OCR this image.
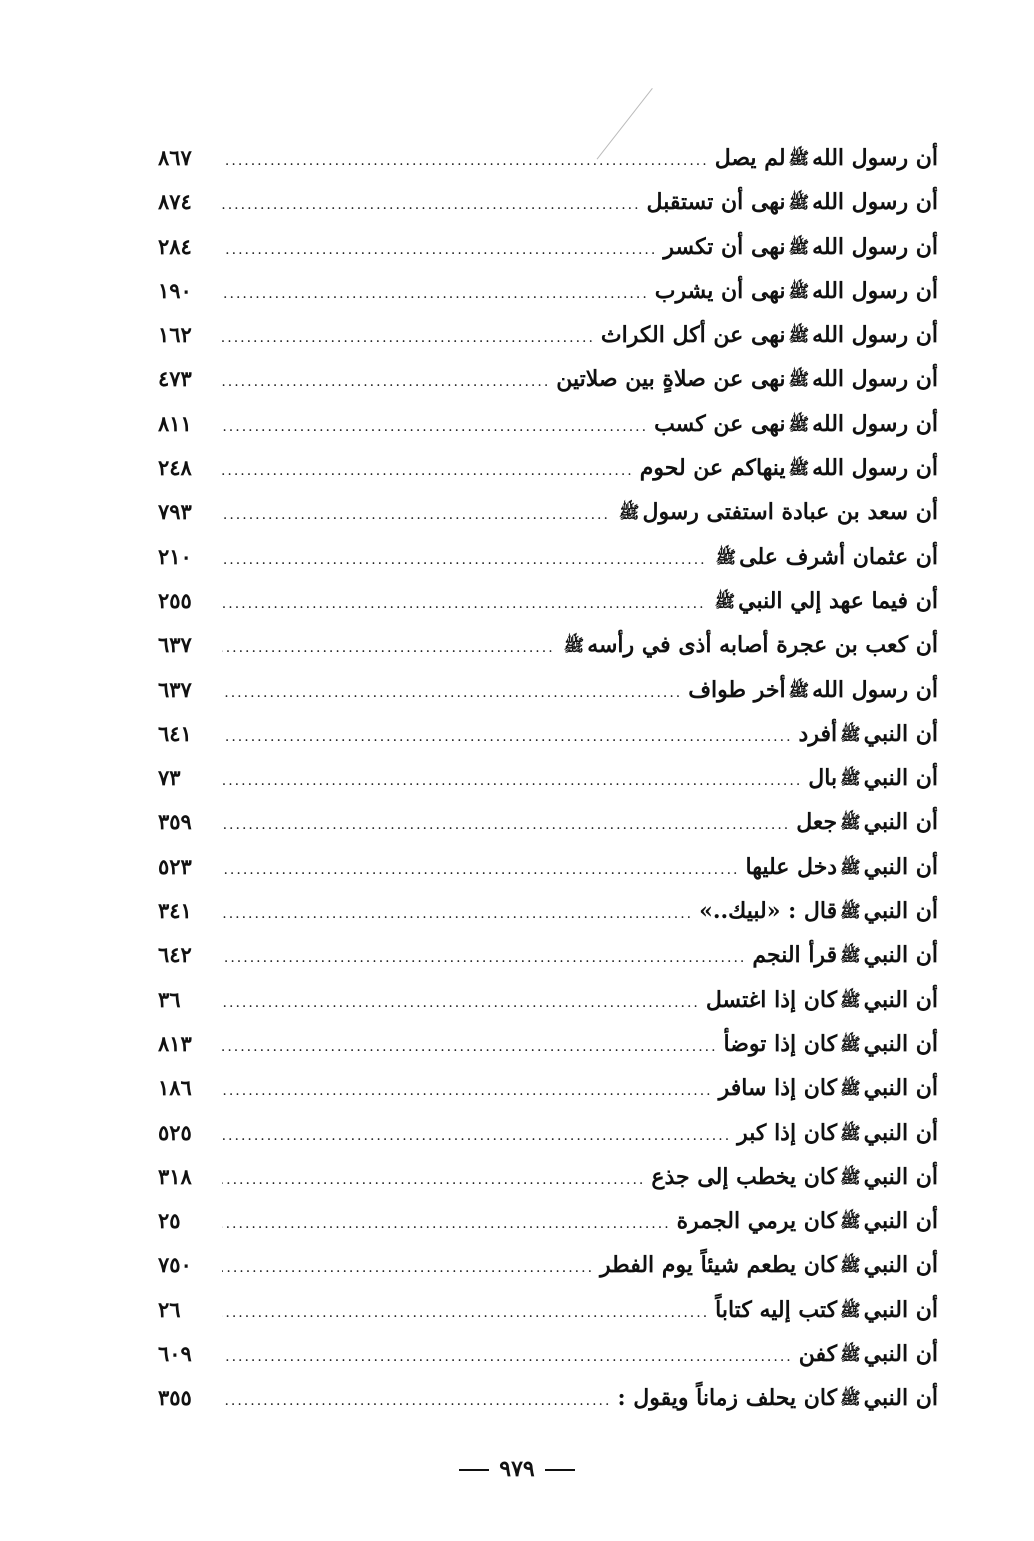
أن رسول اللهﷺلم يصل
.....
٨٦٧
أن رسول اللهﷺنهى أن تستقبل
.....
٨٧٤
أن رسول اللهﷺنهى أن تكسر
.....
٢٨٤
أن رسول اللهﷺنهى أن يشرب
.....
١٩٠
أن رسول اللهﷺنهى عن أكل الكراث
.....
١٦٢
أن رسول اللهﷺنهى عن صلاةٍ بين صلاتين
.....
٤٧٣
أن رسول اللهﷺنهى عن كسب
.....
٨١١
أن رسول اللهﷺينهاكم عن لحوم
.....
٢٤٨
أن سعد بن عبادة استفتى رسولﷺ
.....
٧٩٣
أن عثمان أشرف علىﷺ
.....
٢١٠
أن فيما عهد إلي النبيﷺ
.....
٢٥٥
أن كعب بن عجرة أصابه أذى في رأسهﷺ
.....
٦٣٧
أن رسول اللهﷺأخر طواف
.....
٦٣٧
أن النبيﷺأفرد
.....
٦٤١
أن النبيﷺبال
.....
٧٣
أن النبيﷺجعل
.....
٣٥٩
أن النبيﷺدخل عليها
.....
٥٢٣
أن النبيﷺقال : «لبيك..»
.....
٣٤١
أن النبيﷺقرأ النجم
.....
٦٤٢
أن النبيﷺكان إذا اغتسل
.....
٣٦
أن النبيﷺكان إذا توضأ
.....
٨١٣
أن النبيﷺكان إذا سافر
.....
١٨٦
أن النبيﷺكان إذا كبر
.....
٥٢٥
أن النبيﷺكان يخطب إلى جذع
.....
٣١٨
أن النبيﷺكان يرمي الجمرة
.....
٢٥
أن النبيﷺكان يطعم شيئاً يوم الفطر
.....
٧٥٠
أن النبيﷺكتب إليه كتاباً
.....
٢٦
أن النبيﷺكفن
.....
٦٠٩
أن النبيﷺكان يحلف زماناً ويقول :
.....
٣٥٥
٩٧٩
